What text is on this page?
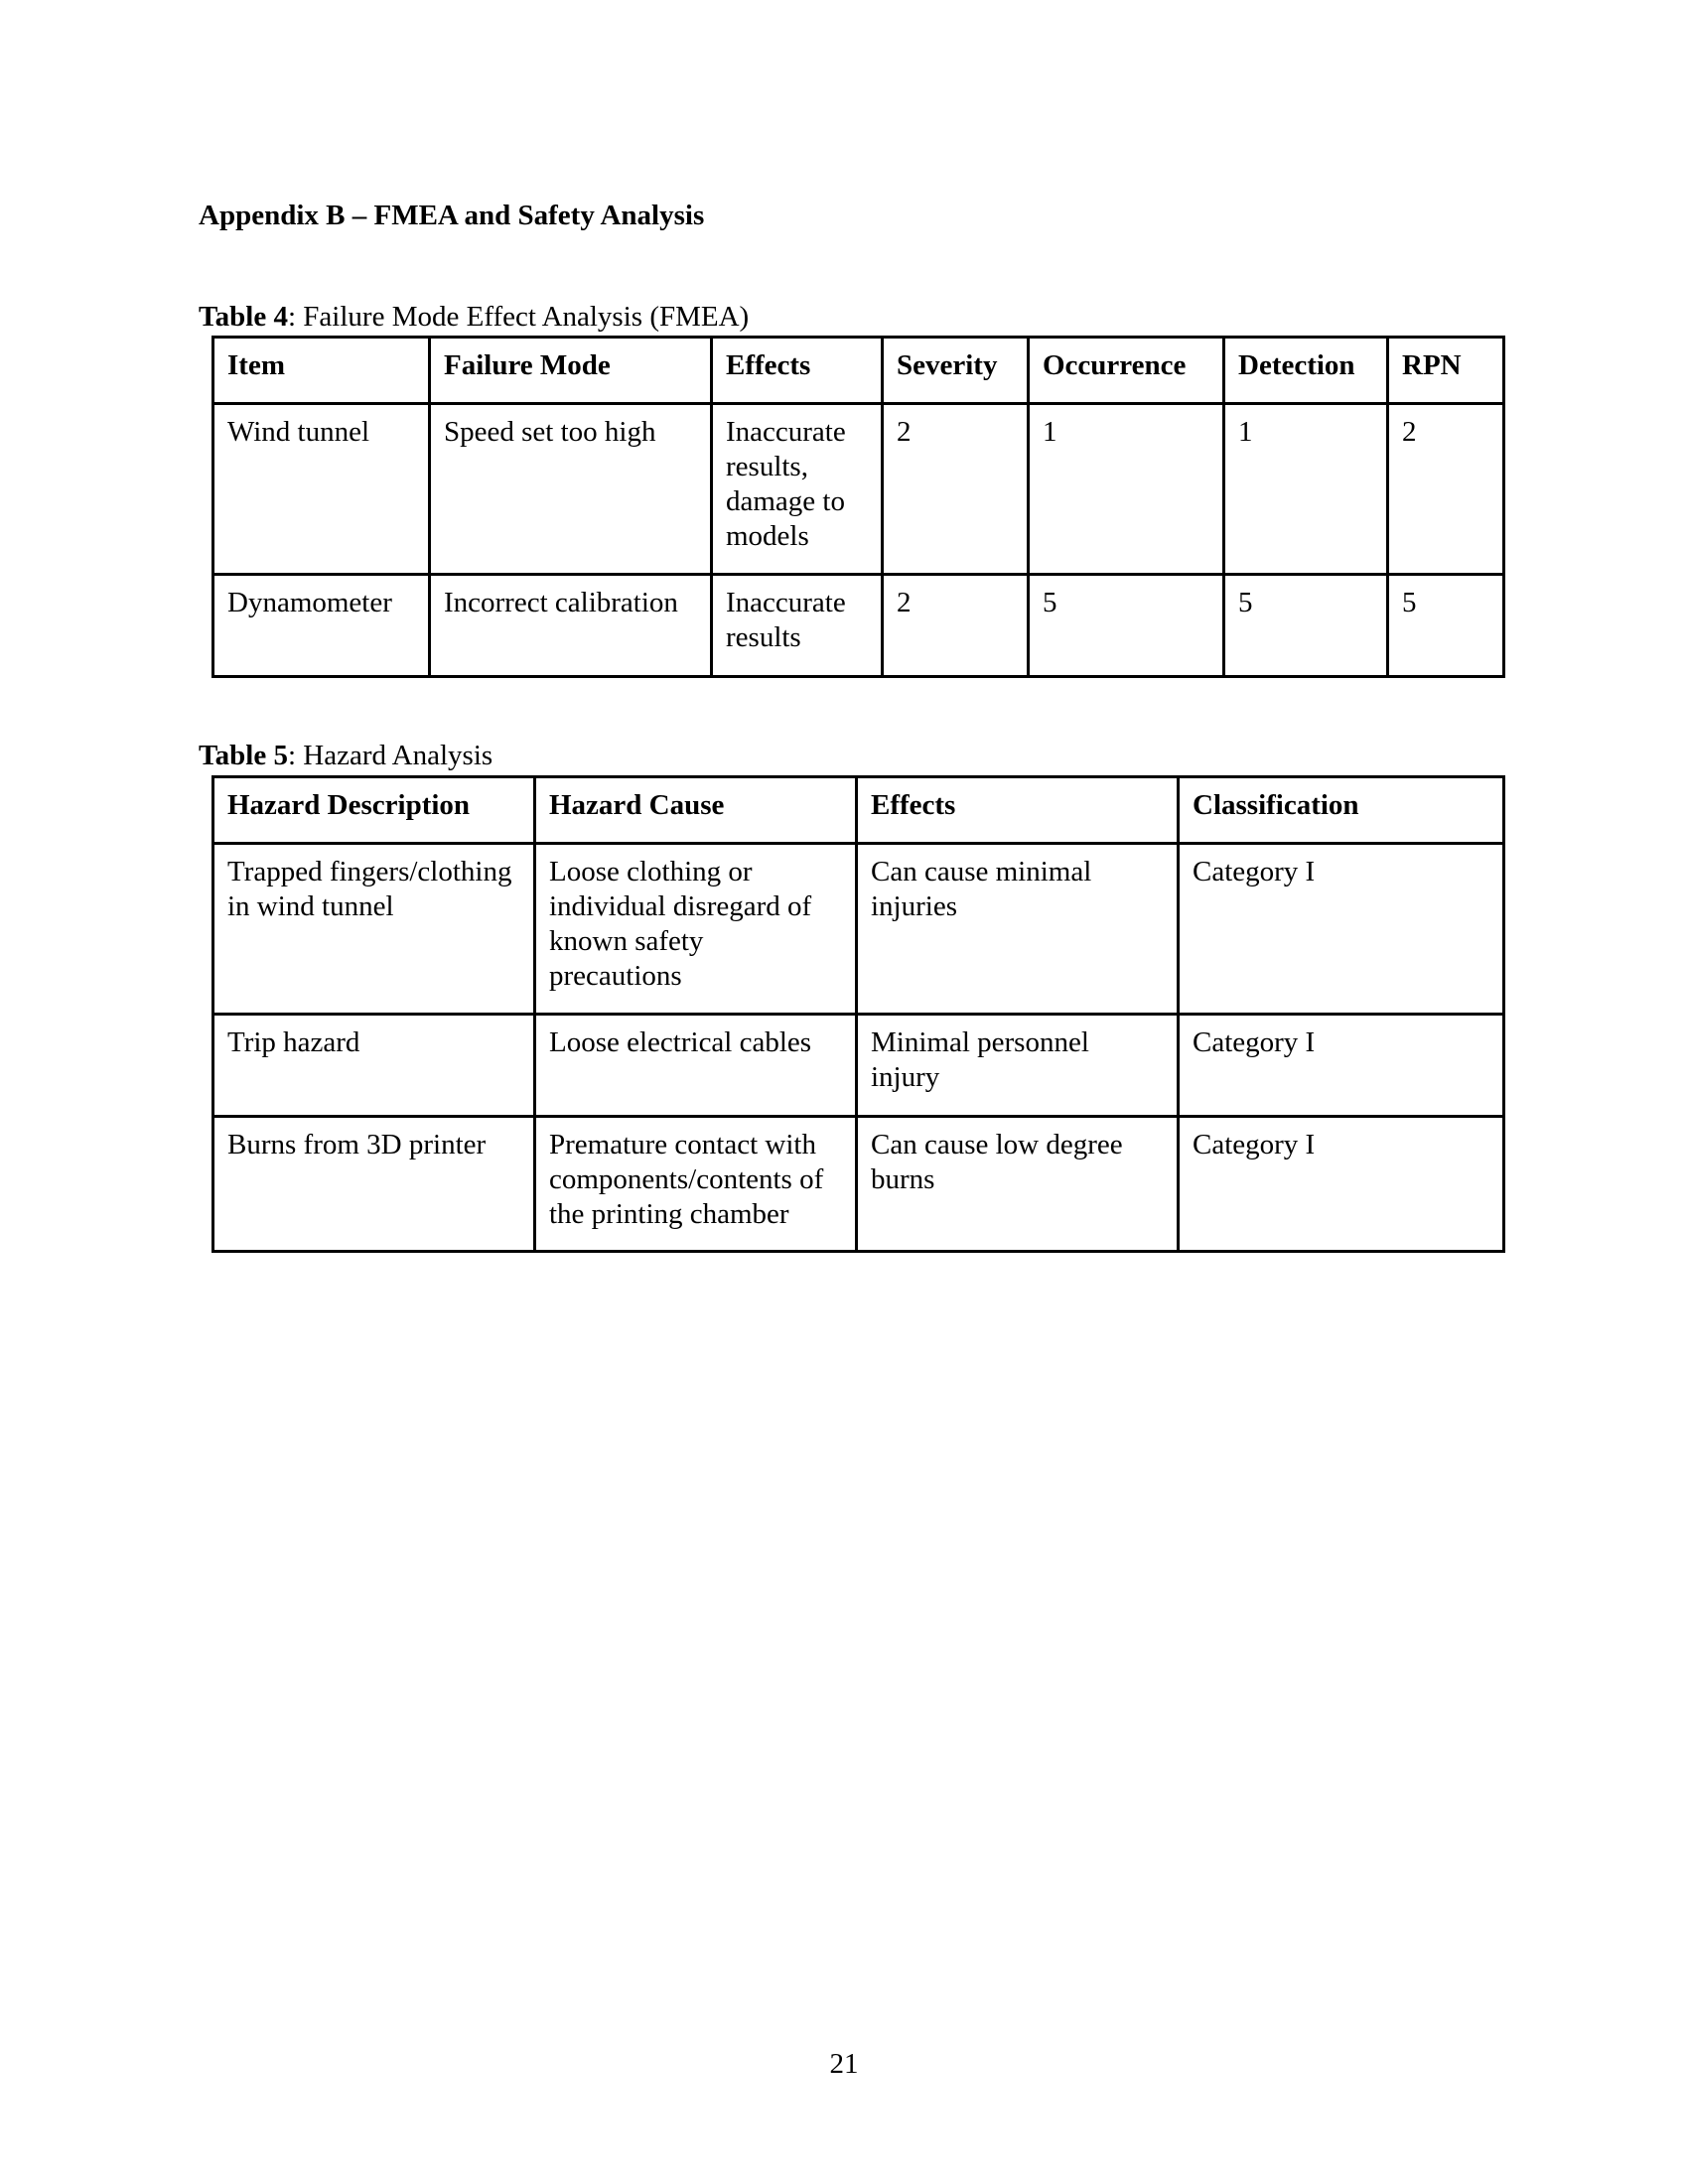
Appendix B – FMEA and Safety Analysis
Table 4: Failure Mode Effect Analysis (FMEA)
Item	Failure Mode	Effects	Severity	Occurrence	Detection	RPN
Wind tunnel	Speed set too high	Inaccurate results, damage to models	2	1	1	2
Dynamometer	Incorrect calibration	Inaccurate results	2	5	5	5
Table 5: Hazard Analysis
Hazard Description	Hazard Cause	Effects	Classification
Trapped fingers/clothing in wind tunnel	Loose clothing or individual disregard of known safety precautions	Can cause minimal injuries	Category I
Trip hazard	Loose electrical cables	Minimal personnel injury	Category I
Burns from 3D printer	Premature contact with components/contents of the printing chamber	Can cause low degree burns	Category I
21
